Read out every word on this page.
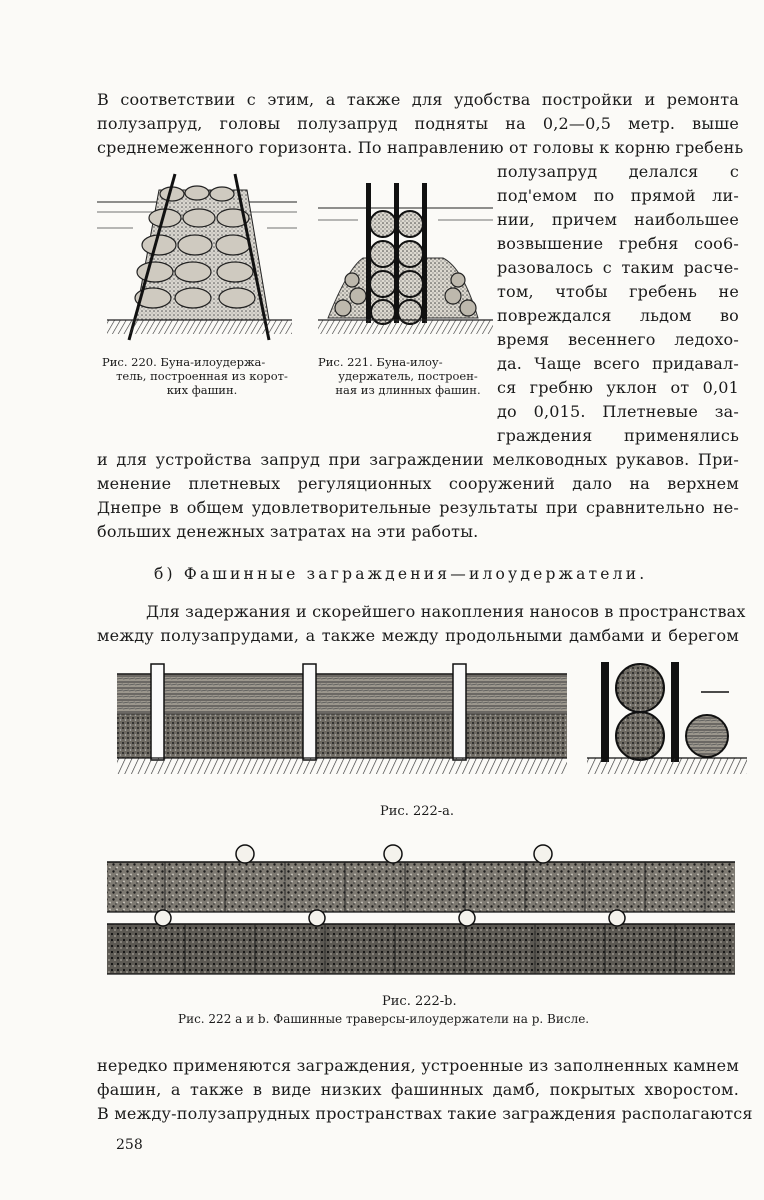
В соответствии с этим, а также для удобства постройки и ремонта
полузапруд, головы полузапруд подняты на 0,2—0,5 метр. выше
среднемеженного горизонта. По направлению от головы к корню гребень
полузапруд делался с
под'емом по прямой ли-
нии, причем наибольшее
возвышение гребня соо6-
разовалось с таким расче-
том, чтобы гребень не
повреждался льдом во
время весеннего ледохо-
да. Чаще всего придавал-
ся гребню уклон от 0,01
до 0,015. Плетневые за-
граждения применялись
Рис. 220. Буна-илоудержа-
тель, построенная из корот-
ких фашин.
Рис. 221. Буна-илоу-
удержатель, построен-
ная из длинных фашин.
и для устройства запруд при заграждении мелководных рукавов. При-
менение плетневых регуляционных сооружений дало на верхнем
Днепре в общем удовлетворительные результаты при сравнительно не-
больших денежных затратах на эти работы.
б) Фашинные заграждения—илоудержатели.
Для задержания и скорейшего накопления наносов в пространствах
между полузапрудами, а также между продольными дамбами и берегом
Рис. 222-a.
Рис. 222-b.
Рис. 222 a и b. Фашинные траверсы-илоудержатели на р. Висле.
нередко применяются заграждения, устроенные из заполненных камнем
фашин, а также в виде низких фашинных дамб, покрытых хворостом.
В между-полузапрудных пространствах такие заграждения располагаются
258
